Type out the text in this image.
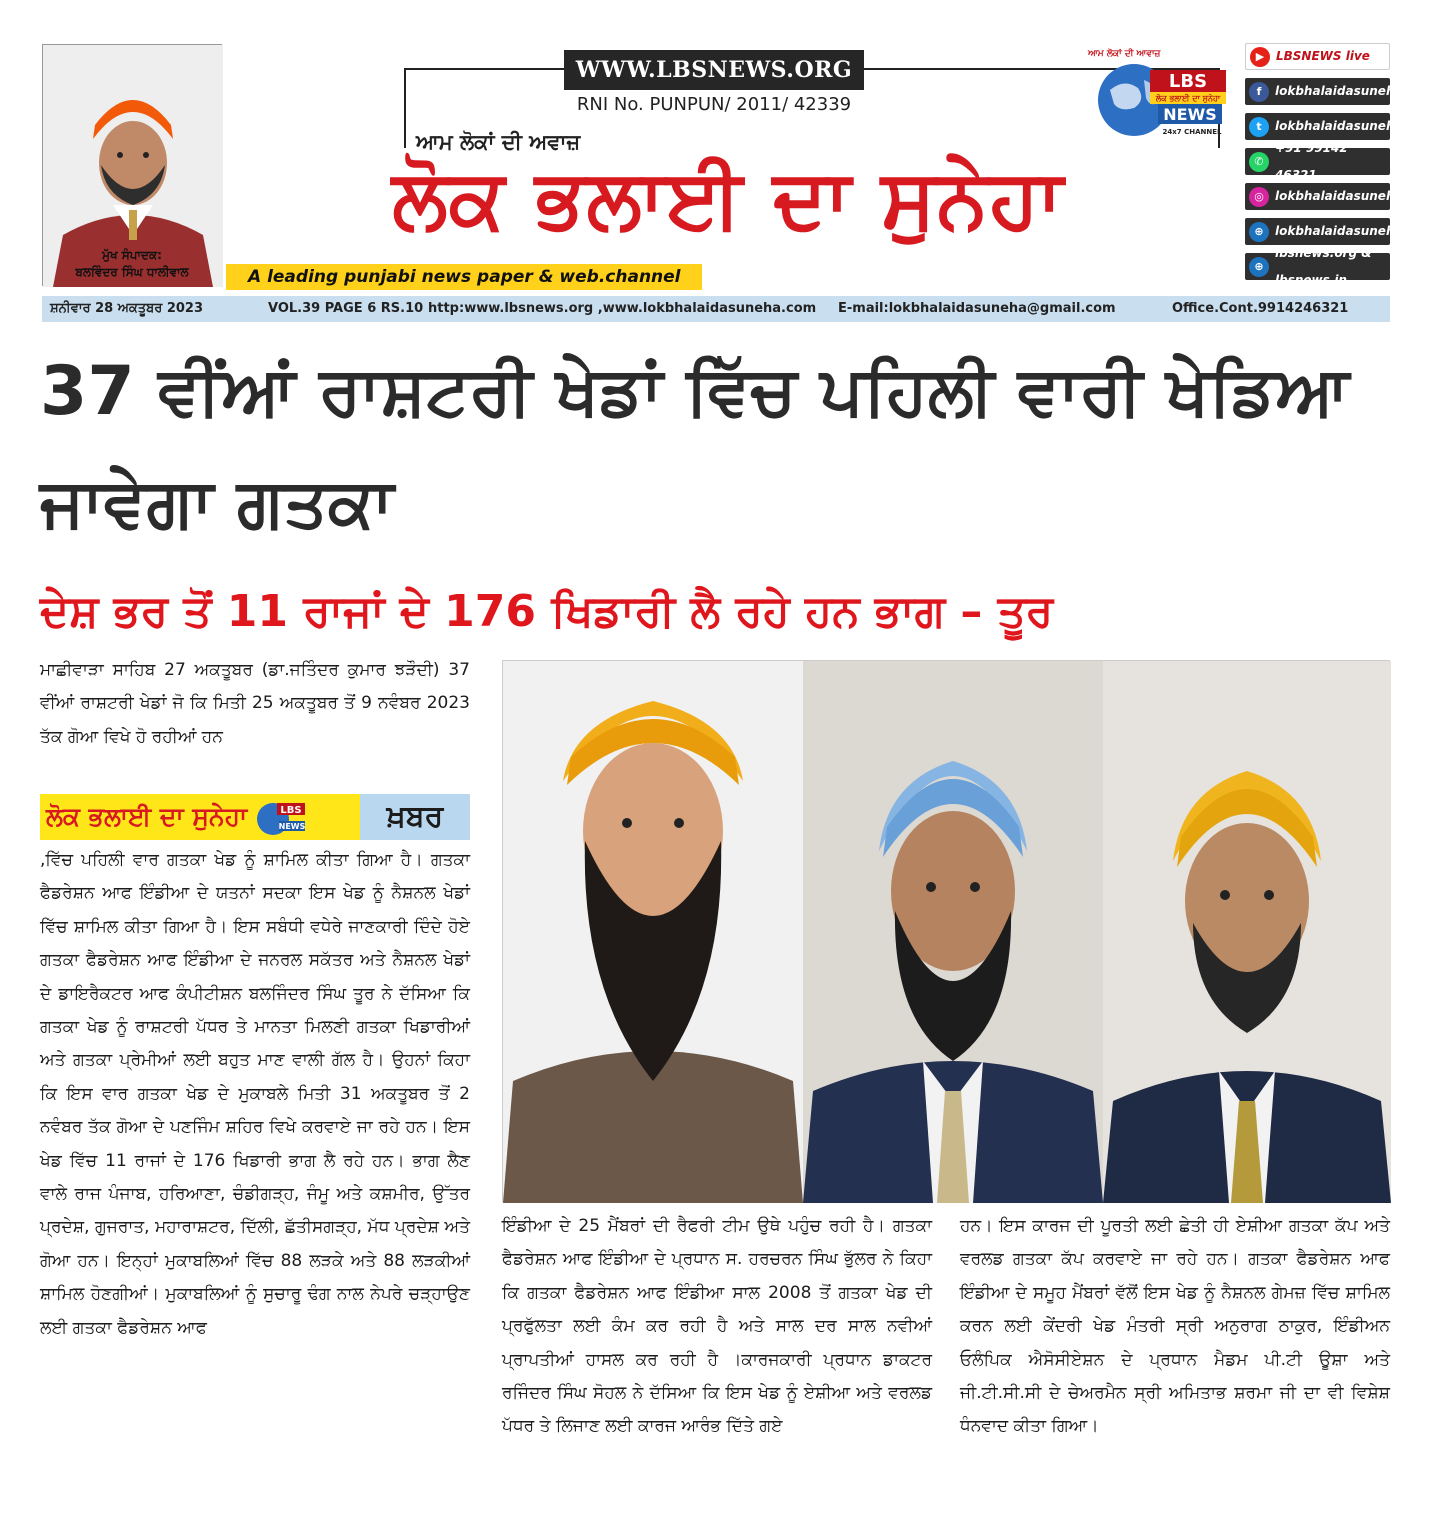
ਮੁੱਖ ਸੰਪਾਦਕ:
ਬਲਵਿੰਦਰ ਸਿੰਘ ਧਾਲੀਵਾਲ
WWW.LBSNEWS.ORG
RNI No. PUNPUN/ 2011/ 42339
ਆਮ ਲੋਕਾਂ ਦੀ ਅਵਾਜ਼
ਲੋਕ ਭਲਾਈ ਦਾ ਸੁਨੇਹਾ
A leading punjabi news paper & web.channel
ਆਮ ਲੋਕਾਂ ਦੀ ਆਵਾਜ਼
LBS
ਲੋਕ ਭਲਾਈ ਦਾ ਸੁਨੇਹਾ
NEWS
24x7 CHANNEL
▶ LBSNEWS live
f	lokbhalaidasuneha
t	lokbhalaidasuneha
✆
+91 99142 46321
◎ lokbhalaidasuneha
⊕ lokbhalaidasuneha.com
⊕
lbsnews.org & lbsnews.in
ਸ਼ਨੀਵਾਰ 28 ਅਕਤੂਬਰ 2023	VOL.39 PAGE 6 RS.10 http:www.lbsnews.org ,www.lokbhalaidasuneha.com E-mail:lokbhalaidasuneha@gmail.com	Office.Cont.9914246321
37 ਵੀਂਆਂ ਰਾਸ਼ਟਰੀ ਖੇਡਾਂ ਵਿੱਚ ਪਹਿਲੀ ਵਾਰੀ ਖੇਡਿਆ ਜਾਵੇਗਾ ਗਤਕਾ
ਦੇਸ਼ ਭਰ ਤੋਂ 11 ਰਾਜਾਂ ਦੇ 176 ਖਿਡਾਰੀ ਲੈ ਰਹੇ ਹਨ ਭਾਗ – ਤੂਰ
ਮਾਛੀਵਾੜਾ ਸਾਹਿਬ 27 ਅਕਤੂਬਰ (ਡਾ.ਜਤਿੰਦਰ ਕੁਮਾਰ ਝੜੌਦੀ) 37 ਵੀਂਆਂ ਰਾਸ਼ਟਰੀ ਖੇਡਾਂ ਜੋ ਕਿ ਮਿਤੀ 25 ਅਕਤੂਬਰ ਤੋਂ 9 ਨਵੰਬਰ 2023 ਤੱਕ ਗੋਆ ਵਿਖੇ ਹੋ ਰਹੀਆਂ ਹਨ
ਲੋਕ ਭਲਾਈ ਦਾ ਸੁਨੇਹਾ	LBS
NEWS	ਖ਼ਬਰ
,ਵਿੱਚ ਪਹਿਲੀ ਵਾਰ ਗਤਕਾ ਖੇਡ ਨੂੰ ਸ਼ਾਮਿਲ ਕੀਤਾ ਗਿਆ ਹੈ। ਗਤਕਾ ਫੈਡਰੇਸ਼ਨ ਆਫ ਇੰਡੀਆ ਦੇ ਯਤਨਾਂ ਸਦਕਾ ਇਸ ਖੇਡ ਨੂੰ ਨੈਸ਼ਨਲ ਖੇਡਾਂ ਵਿੱਚ ਸ਼ਾਮਿਲ ਕੀਤਾ ਗਿਆ ਹੈ। ਇਸ ਸਬੰਧੀ ਵਧੇਰੇ ਜਾਣਕਾਰੀ ਦਿੰਦੇ ਹੋਏ ਗਤਕਾ ਫੈਡਰੇਸ਼ਨ ਆਫ ਇੰਡੀਆ ਦੇ ਜਨਰਲ ਸਕੱਤਰ ਅਤੇ ਨੈਸ਼ਨਲ ਖੇਡਾਂ ਦੇ ਡਾਇਰੈਕਟਰ ਆਫ ਕੰਪੀਟੀਸ਼ਨ ਬਲਜਿੰਦਰ ਸਿੰਘ ਤੂਰ ਨੇ ਦੱਸਿਆ ਕਿ ਗਤਕਾ ਖੇਡ ਨੂੰ ਰਾਸ਼ਟਰੀ ਪੱਧਰ ਤੇ ਮਾਨਤਾ ਮਿਲਣੀ ਗਤਕਾ ਖਿਡਾਰੀਆਂ ਅਤੇ ਗਤਕਾ ਪ੍ਰੇਮੀਆਂ ਲਈ ਬਹੁਤ ਮਾਣ ਵਾਲੀ ਗੱਲ ਹੈ। ਉਹਨਾਂ ਕਿਹਾ ਕਿ ਇਸ ਵਾਰ ਗਤਕਾ ਖੇਡ ਦੇ ਮੁਕਾਬਲੇ ਮਿਤੀ 31 ਅਕਤੂਬਰ ਤੋਂ 2 ਨਵੰਬਰ ਤੱਕ ਗੋਆ ਦੇ ਪਣਜਿੰਮ ਸ਼ਹਿਰ ਵਿਖੇ ਕਰਵਾਏ ਜਾ ਰਹੇ ਹਨ। ਇਸ ਖੇਡ ਵਿੱਚ 11 ਰਾਜਾਂ ਦੇ 176 ਖਿਡਾਰੀ ਭਾਗ ਲੈ ਰਹੇ ਹਨ। ਭਾਗ ਲੈਣ ਵਾਲੇ ਰਾਜ ਪੰਜਾਬ, ਹਰਿਆਣਾ, ਚੰਡੀਗੜ੍ਹ, ਜੰਮੂ ਅਤੇ ਕਸ਼ਮੀਰ, ਉੱਤਰ ਪ੍ਰਦੇਸ਼, ਗੁਜਰਾਤ, ਮਹਾਰਾਸ਼ਟਰ, ਦਿੱਲੀ, ਛੱਤੀਸਗੜ੍ਹ, ਮੱਧ ਪ੍ਰਦੇਸ਼ ਅਤੇ ਗੋਆ ਹਨ। ਇਨ੍ਹਾਂ ਮੁਕਾਬਲਿਆਂ ਵਿੱਚ 88 ਲੜਕੇ ਅਤੇ 88 ਲੜਕੀਆਂ ਸ਼ਾਮਿਲ ਹੋਣਗੀਆਂ। ਮੁਕਾਬਲਿਆਂ ਨੂੰ ਸੁਚਾਰੂ ਢੰਗ ਨਾਲ ਨੇਪਰੇ ਚੜ੍ਹਾਉਣ ਲਈ ਗਤਕਾ ਫੈਡਰੇਸ਼ਨ ਆਫ
ਇੰਡੀਆ ਦੇ 25 ਮੈਂਬਰਾਂ ਦੀ ਰੈਫਰੀ ਟੀਮ ਉਥੇ ਪਹੁੰਚ ਰਹੀ ਹੈ। ਗਤਕਾ ਫੈਡਰੇਸ਼ਨ ਆਫ ਇੰਡੀਆ ਦੇ ਪ੍ਰਧਾਨ ਸ. ਹਰਚਰਨ ਸਿੰਘ ਭੁੱਲਰ ਨੇ ਕਿਹਾ ਕਿ ਗਤਕਾ ਫੈਡਰੇਸ਼ਨ ਆਫ ਇੰਡੀਆ ਸਾਲ 2008 ਤੋਂ ਗਤਕਾ ਖੇਡ ਦੀ ਪ੍ਰਫੁੱਲਤਾ ਲਈ ਕੰਮ ਕਰ ਰਹੀ ਹੈ ਅਤੇ ਸਾਲ ਦਰ ਸਾਲ ਨਵੀਆਂ ਪ੍ਰਾਪਤੀਆਂ ਹਾਸਲ ਕਰ ਰਹੀ ਹੈ ।ਕਾਰਜਕਾਰੀ ਪ੍ਰਧਾਨ ਡਾਕਟਰ ਰਜਿੰਦਰ ਸਿੰਘ ਸੋਹਲ ਨੇ ਦੱਸਿਆ ਕਿ ਇਸ ਖੇਡ ਨੂੰ ਏਸ਼ੀਆ ਅਤੇ ਵਰਲਡ ਪੱਧਰ ਤੇ ਲਿਜਾਣ ਲਈ ਕਾਰਜ ਆਰੰਭ ਦਿੱਤੇ ਗਏ
ਹਨ। ਇਸ ਕਾਰਜ ਦੀ ਪੂਰਤੀ ਲਈ ਛੇਤੀ ਹੀ ਏਸ਼ੀਆ ਗਤਕਾ ਕੱਪ ਅਤੇ ਵਰਲਡ ਗਤਕਾ ਕੱਪ ਕਰਵਾਏ ਜਾ ਰਹੇ ਹਨ। ਗਤਕਾ ਫੈਡਰੇਸ਼ਨ ਆਫ ਇੰਡੀਆ ਦੇ ਸਮੂਹ ਮੈਂਬਰਾਂ ਵੱਲੋਂ ਇਸ ਖੇਡ ਨੂੰ ਨੈਸ਼ਨਲ ਗੇਮਜ਼ ਵਿੱਚ ਸ਼ਾਮਿਲ ਕਰਨ ਲਈ ਕੇਂਦਰੀ ਖੇਡ ਮੰਤਰੀ ਸ੍ਰੀ ਅਨੁਰਾਗ ਠਾਕੁਰ, ਇੰਡੀਅਨ ਓਲੰਪਿਕ ਐਸੋਸੀਏਸ਼ਨ ਦੇ ਪ੍ਰਧਾਨ ਮੈਡਮ ਪੀ.ਟੀ ਊਸ਼ਾ ਅਤੇ ਜੀ.ਟੀ.ਸੀ.ਸੀ ਦੇ ਚੇਅਰਮੈਨ ਸ੍ਰੀ ਅਮਿਤਾਭ ਸ਼ਰਮਾ ਜੀ ਦਾ ਵੀ ਵਿਸ਼ੇਸ਼ ਧੰਨਵਾਦ ਕੀਤਾ ਗਿਆ।
